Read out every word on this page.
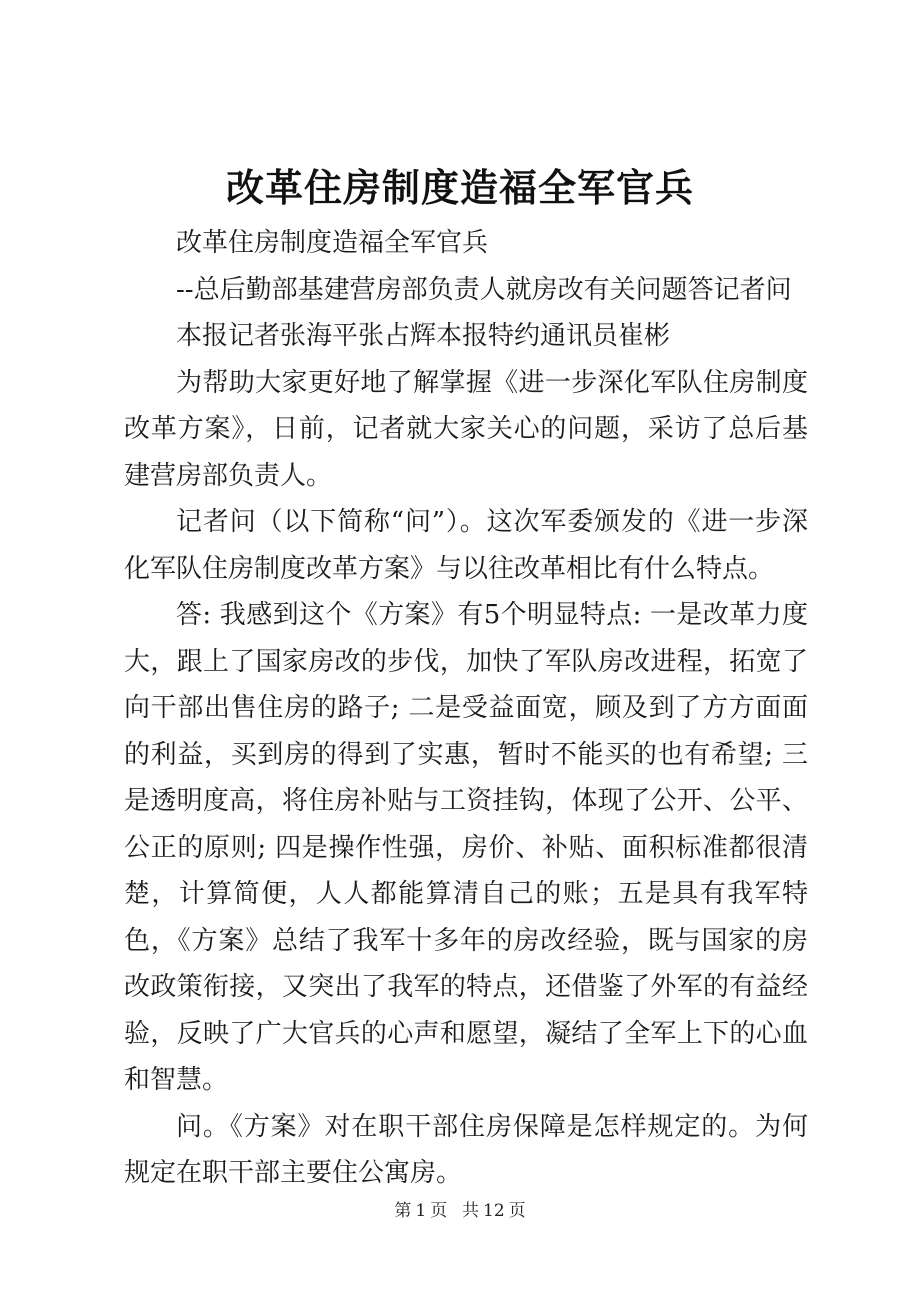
改革住房制度造福全军官兵

改革住房制度造福全军官兵

--总后勤部基建营房部负责人就房改有关问题答记者问

本报记者张海平张占辉本报特约通讯员崔彬

为帮助大家更好地了解掌握《进一步深化军队住房制度改革方案》，日前，记者就大家关心的问题，采访了总后基建营房部负责人。

记者问（以下简称“问”）。这次军委颁发的《进一步深化军队住房制度改革方案》与以往改革相比有什么特点。

答: 我感到这个《方案》有5个明显特点: 一是改革力度大，跟上了国家房改的步伐，加快了军队房改进程，拓宽了向干部出售住房的路子; 二是受益面宽，顾及到了方方面面的利益，买到房的得到了实惠，暂时不能买的也有希望; 三是透明度高，将住房补贴与工资挂钩，体现了公开、公平、公正的原则; 四是操作性强，房价、补贴、面积标准都很清楚，计算简便，人人都能算清自己的账；五是具有我军特色，《方案》总结了我军十多年的房改经验，既与国家的房改政策衔接，又突出了我军的特点，还借鉴了外军的有益经验，反映了广大官兵的心声和愿望，凝结了全军上下的心血和智慧。

问。《方案》对在职干部住房保障是怎样规定的。为何规定在职干部主要住公寓房。

第 1 页 共 12 页
